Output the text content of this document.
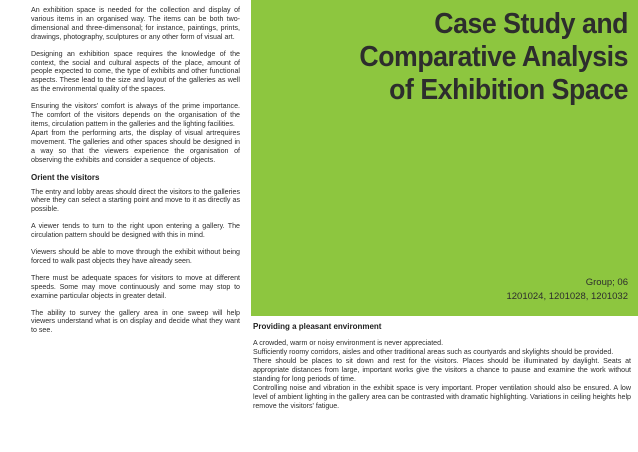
An exhibition space is needed for the collection and display of various items in an organised way. The items can be both two-dimensional and three-dimensonal; for instance, paintings, prints, drawings, photography, sculptures or any other form of visual art.

Designing an exhibition space requires the knowledge of the context, the social and cultural aspects of the place, amount of people expected to come, the type of exhibits and other functional aspects. These lead to the size and layout of the galleries as well as the environmental quality of the spaces.

Ensuring the visitors' comfort is always of the prime importance. The comfort of the visitors depends on the organisation of the items, circulation pattern in the galleries and the lighting facilities.
Apart from the performing arts, the display of visual artrequires movement. The galleries and other spaces should be designed in a way so that the viewers experience the organisation of observing the exhibits and consider a sequence of objects.

Orient the visitors

The entry and lobby areas should direct the visitors to the galleries where they can select a starting point and move to it as directly as possible.

A viewer tends to turn to the right upon entering a gallery. The circulation pattern should be designed with this in mind.

Viewers should be able to move through the exhibit without being forced to walk past objects they have already seen.

There must be adequate spaces for visitors to move at different speeds. Some may move continuously and some may stop to examine particular objects in greater detail.

The ability to survey the gallery area in one sweep will help viewers understand what is on display and decide what they want to see.

Case Study and
Comparative Analysis
of Exhibition Space
Group; 06
1201024, 1201028, 1201032
Providing a pleasant environment

A crowded, warm or noisy environment is never appreciated.

Sufficiently roomy corridors, aisles and other traditional areas such as courtyards and skylights should be provided.

There should be places to sit down and rest for the visitors. Places should be illuminated by daylight. Seats at appropriate distances from large, important works give the visitors a chance to pause and examine the work without standing for long periods of time.

Controlling noise and vibration in the exhibit space is very important. Proper ventilation should also be ensured. A low level of ambient lighting in the gallery area can be contrasted with dramatic highlighting. Variations in ceiling heights help remove the visitors' fatigue.
